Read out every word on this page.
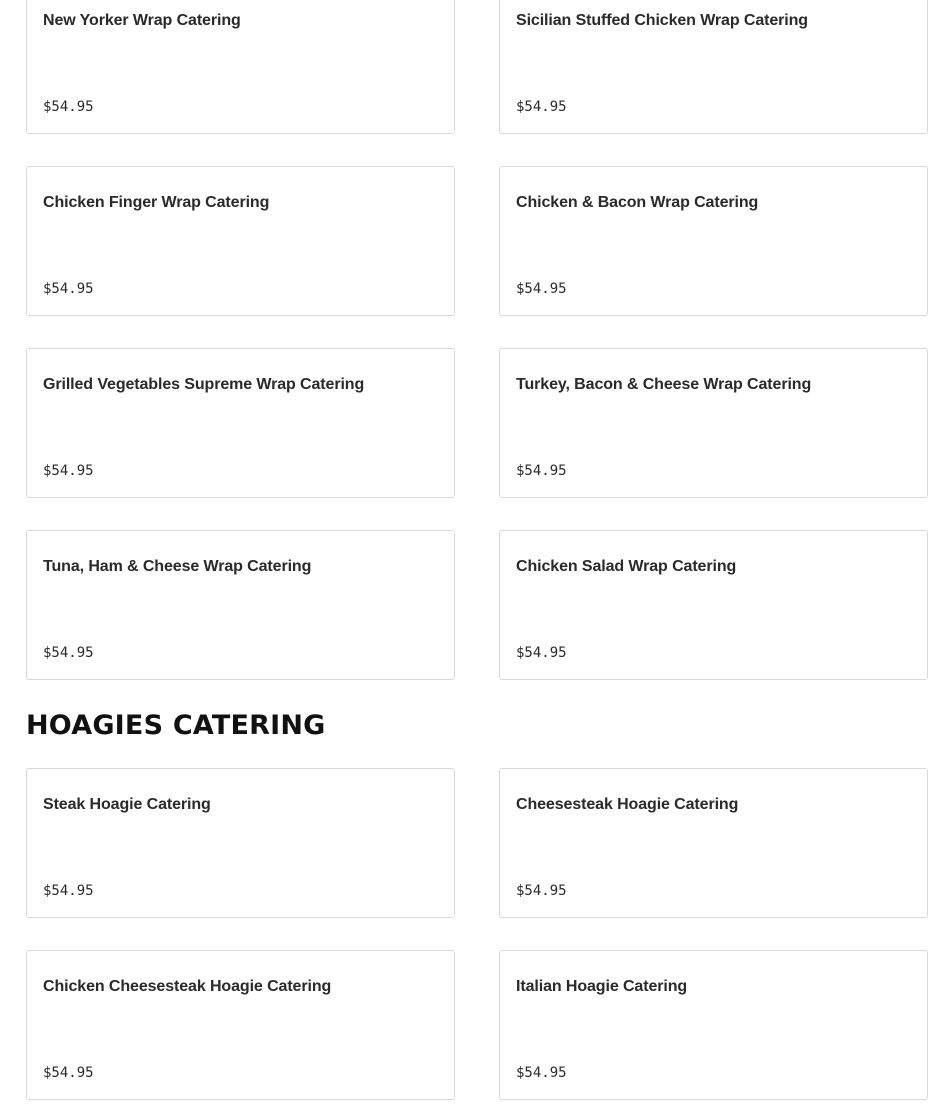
New Yorker Wrap Catering
$54.95
Sicilian Stuffed Chicken Wrap Catering
$54.95
Chicken Finger Wrap Catering
$54.95
Chicken & Bacon Wrap Catering
$54.95
Grilled Vegetables Supreme Wrap Catering
$54.95
Turkey, Bacon & Cheese Wrap Catering
$54.95
Tuna, Ham & Cheese Wrap Catering
$54.95
Chicken Salad Wrap Catering
$54.95
HOAGIES CATERING
Steak Hoagie Catering
$54.95
Cheesesteak Hoagie Catering
$54.95
Chicken Cheesesteak Hoagie Catering
$54.95
Italian Hoagie Catering
$54.95
